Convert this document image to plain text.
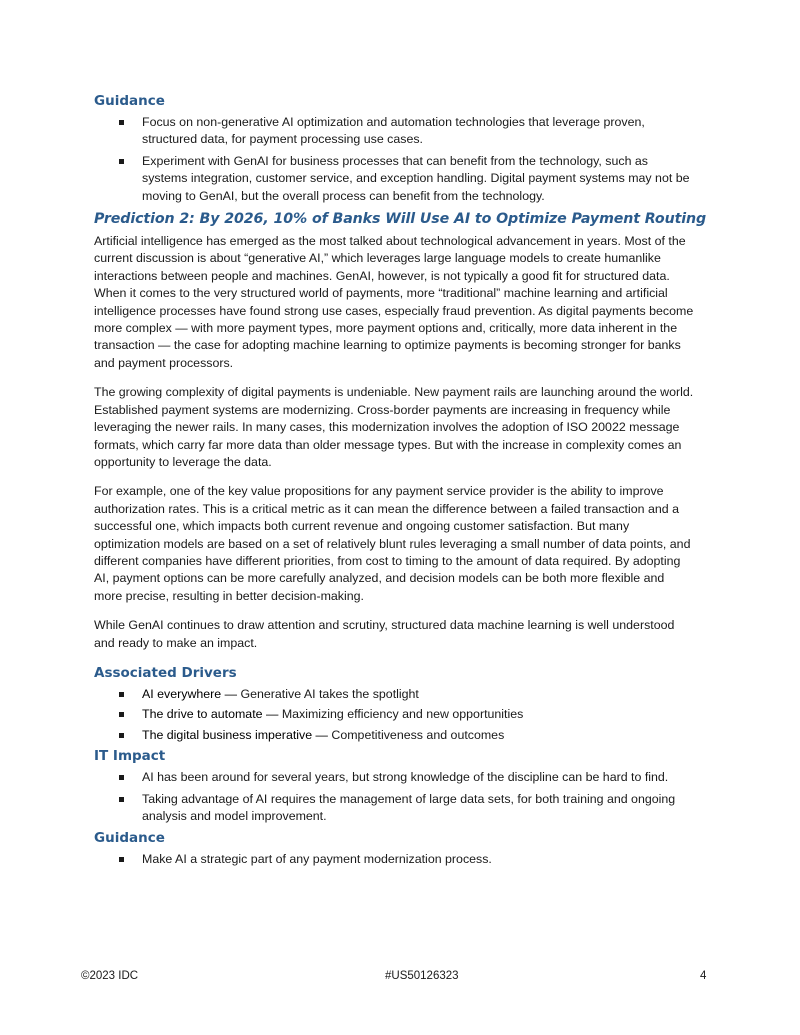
Guidance
Focus on non-generative AI optimization and automation technologies that leverage proven, structured data, for payment processing use cases.
Experiment with GenAI for business processes that can benefit from the technology, such as systems integration, customer service, and exception handling. Digital payment systems may not be moving to GenAI, but the overall process can benefit from the technology.
Prediction 2: By 2026, 10% of Banks Will Use AI to Optimize Payment Routing

Artificial intelligence has emerged as the most talked about technological advancement in years. Most of the current discussion is about “generative AI,” which leverages large language models to create humanlike interactions between people and machines. GenAI, however, is not typically a good fit for structured data. When it comes to the very structured world of payments, more “traditional” machine learning and artificial intelligence processes have found strong use cases, especially fraud prevention. As digital payments become more complex — with more payment types, more payment options and, critically, more data inherent in the transaction — the case for adopting machine learning to optimize payments is becoming stronger for banks and payment processors.

The growing complexity of digital payments is undeniable. New payment rails are launching around the world. Established payment systems are modernizing. Cross-border payments are increasing in frequency while leveraging the newer rails. In many cases, this modernization involves the adoption of ISO 20022 message formats, which carry far more data than older message types. But with the increase in complexity comes an opportunity to leverage the data.

For example, one of the key value propositions for any payment service provider is the ability to improve authorization rates. This is a critical metric as it can mean the difference between a failed transaction and a successful one, which impacts both current revenue and ongoing customer satisfaction. But many optimization models are based on a set of relatively blunt rules leveraging a small number of data points, and different companies have different priorities, from cost to timing to the amount of data required. By adopting AI, payment options can be more carefully analyzed, and decision models can be both more flexible and more precise, resulting in better decision-making.

While GenAI continues to draw attention and scrutiny, structured data machine learning is well understood and ready to make an impact.

Associated Drivers
AI everywhere — Generative AI takes the spotlight
The drive to automate — Maximizing efficiency and new opportunities
The digital business imperative — Competitiveness and outcomes
IT Impact
AI has been around for several years, but strong knowledge of the discipline can be hard to find.
Taking advantage of AI requires the management of large data sets, for both training and ongoing analysis and model improvement.
Guidance
Make AI a strategic part of any payment modernization process.
©2023 IDC	#US50126323	4
